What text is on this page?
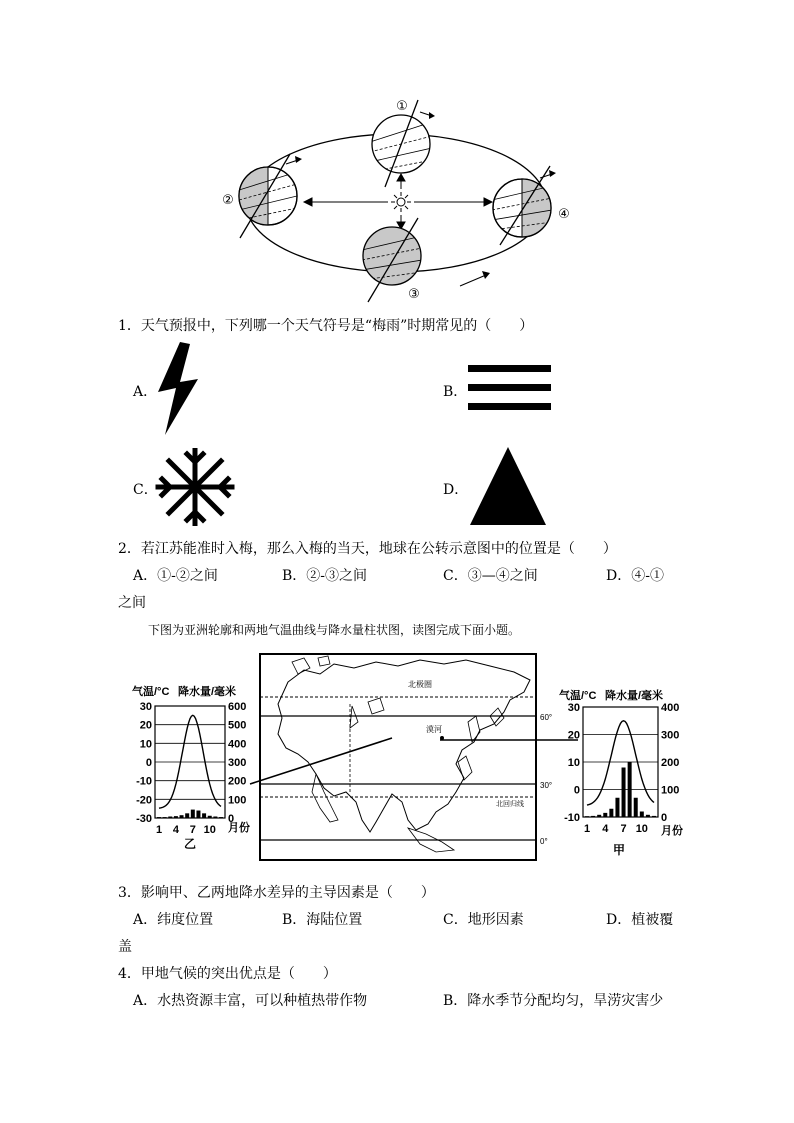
①
②
③
④
1．天气预报中，下列哪一个天气符号是“梅雨”时期常见的（　　）
A．	B．
C．	D．
2．若江苏能准时入梅，那么入梅的当天，地球在公转示意图中的位置是（　　）
A．①-②之间	B．②-③之间	C．③—④之间	D．④-①
之间
下图为亚洲轮廓和两地气温曲线与降水量柱状图，读图完成下面小题。
气温/°C 降水量/毫米
30
20
10
0
-10
-20
-30
600
500
400
300
200
100
0
1 4 7 10 月份
乙
北极圈
漠河
北回归线
60°
30°
0°
气温/°C 降水量/毫米
30
20
10
0
-10
400
300
200
100
0
1 4 7 10 月份
甲
3．影响甲、乙两地降水差异的主导因素是（　　）
A．纬度位置	B．海陆位置	C．地形因素	D．植被覆
盖
4．甲地气候的突出优点是（　　）
A．水热资源丰富，可以种植热带作物	B．降水季节分配均匀，旱涝灾害少
